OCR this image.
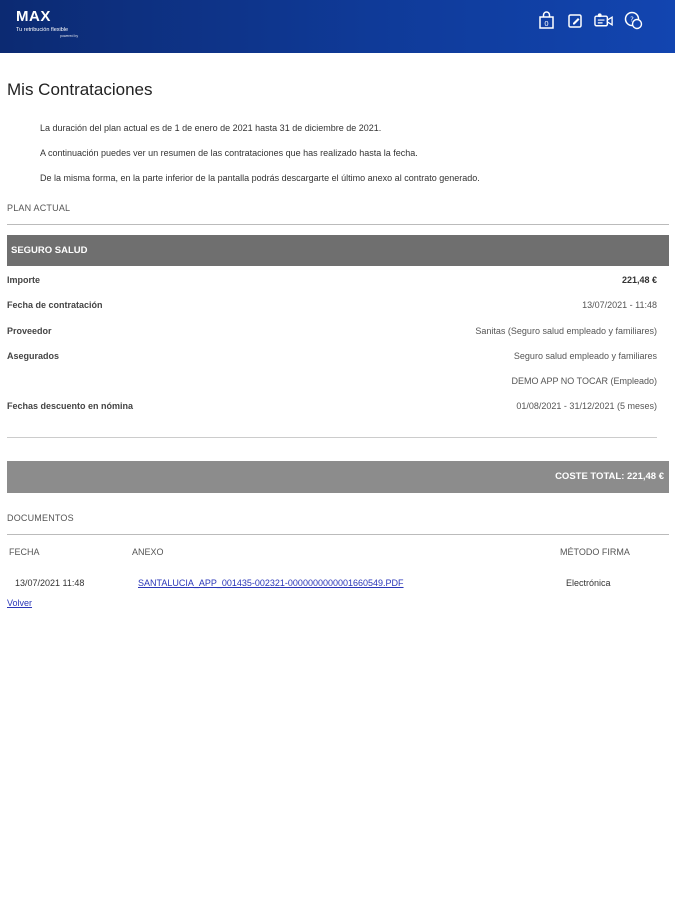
MAX
Tu retribución flexible
powered by
0
?
Mis Contrataciones

La duración del plan actual es de 1 de enero de 2021 hasta 31 de diciembre de 2021.

A continuación puedes ver un resumen de las contrataciones que has realizado hasta la fecha.

De la misma forma, en la parte inferior de la pantalla podrás descargarte el último anexo al contrato generado.

PLAN ACTUAL
SEGURO SALUD
Importe	221,48 €
Fecha de contratación	13/07/2021 - 11:48
Proveedor	Sanitas (Seguro salud empleado y familiares)
Asegurados	Seguro salud empleado y familiares
DEMO APP NO TOCAR (Empleado)
Fechas descuento en nómina	01/08/2021 - 31/12/2021 (5 meses)
COSTE TOTAL: 221,48 €
DOCUMENTOS
FECHA	ANEXO	MÉTODO FIRMA
13/07/2021 11:48	SANTALUCIA_APP_001435-002321-0000000000001660549.PDF	Electrónica
Volver
